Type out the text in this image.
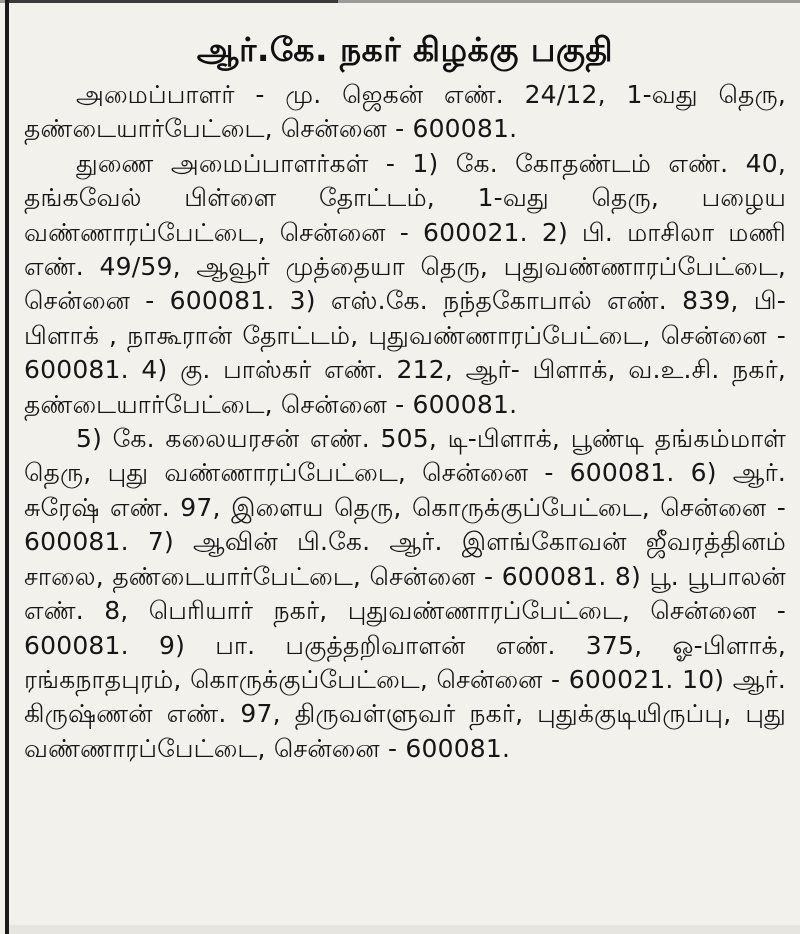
ஆர்.கே. நகர் கிழக்கு பகுதி

அமைப்பாளர் - மு. ஜெகன் எண். 24/12, 1-வது தெரு, தண்டையார்பேட்டை, சென்னை - 600081.

துணை அமைப்பாளர்கள் - 1) கே. கோதண்டம் எண். 40, தங்கவேல் பிள்ளை தோட்டம், 1-வது தெரு, பழைய வண்ணாரப்பேட்டை, சென்னை - 600021. 2) பி. மாசிலா மணி எண். 49/59, ஆவூர் முத்தையா தெரு, புதுவண்ணாரப்பேட்டை, சென்னை - 600081. 3) எஸ்.கே. நந்தகோபால் எண். 839, பி-பிளாக் , நாகூரான் தோட்டம், புதுவண்ணாரப்பேட்டை, சென்னை - 600081. 4) கு. பாஸ்கர் எண். 212, ஆர்- பிளாக், வ.உ.சி. நகர், தண்டையார்பேட்டை, சென்னை - 600081.

5) கே. கலையரசன் எண். 505, டி-பிளாக், பூண்டி தங்கம்மாள் தெரு, புது வண்ணாரப்பேட்டை, சென்னை - 600081. 6) ஆர். சுரேஷ் எண். 97, இளைய தெரு, கொருக்குப்பேட்டை, சென்னை - 600081. 7) ஆவின் பி.கே. ஆர். இளங்கோவன் ஜீவரத்தினம் சாலை, தண்டையார்பேட்டை, சென்னை - 600081. 8) பூ. பூபாலன் எண். 8, பெரியார் நகர், புதுவண்ணாரப்பேட்டை, சென்னை - 600081. 9) பா. பகுத்தறிவாளன் எண். 375, ஓ-பிளாக், ரங்கநாதபுரம், கொருக்குப்பேட்டை, சென்னை - 600021. 10) ஆர். கிருஷ்ணன் எண். 97, திருவள்ளுவர் நகர், புதுக்குடியிருப்பு, புது வண்ணாரப்பேட்டை, சென்னை - 600081.
